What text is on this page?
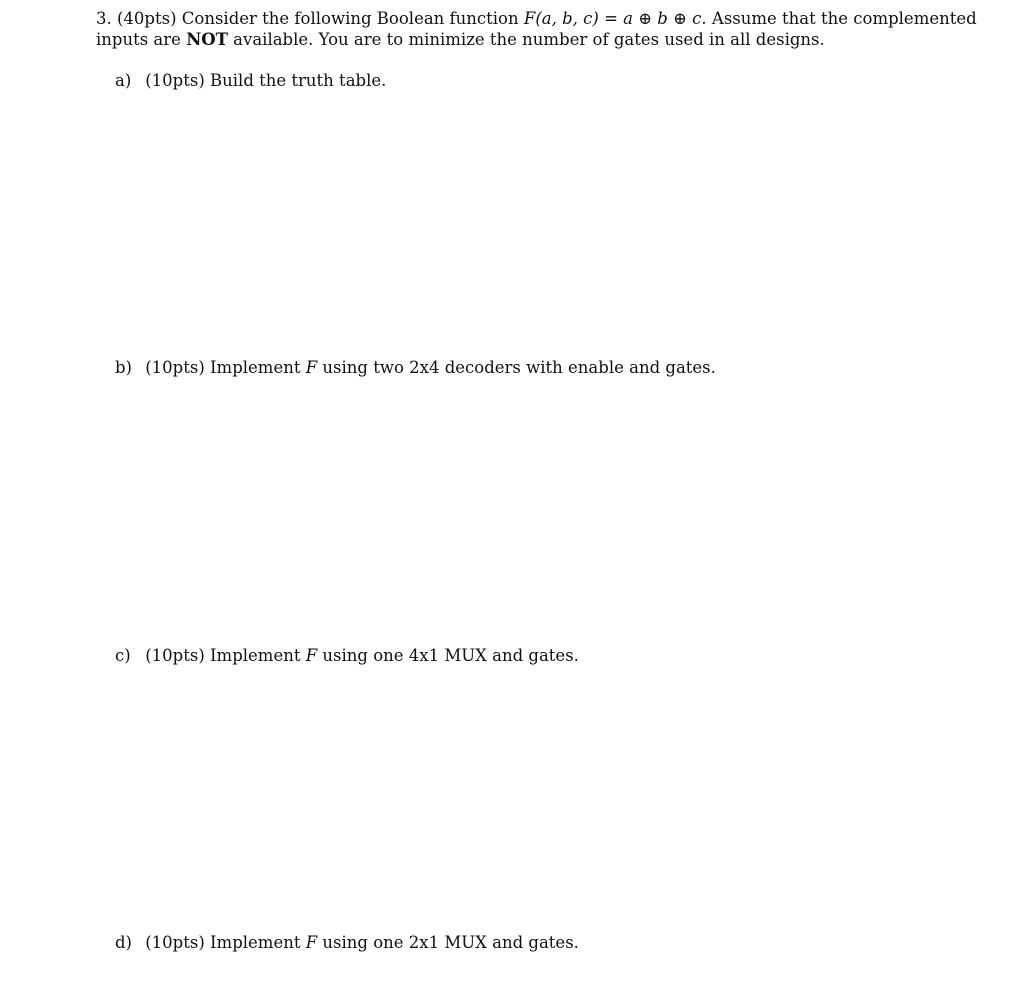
3. (40pts) Consider the following Boolean function F(a, b, c) = a ⊕ b ⊕ c. Assume that the complemented
inputs are NOT available. You are to minimize the number of gates used in all designs.
a) (10pts) Build the truth table.
b) (10pts) Implement F using two 2x4 decoders with enable and gates.
c) (10pts) Implement F using one 4x1 MUX and gates.
d) (10pts) Implement F using one 2x1 MUX and gates.
